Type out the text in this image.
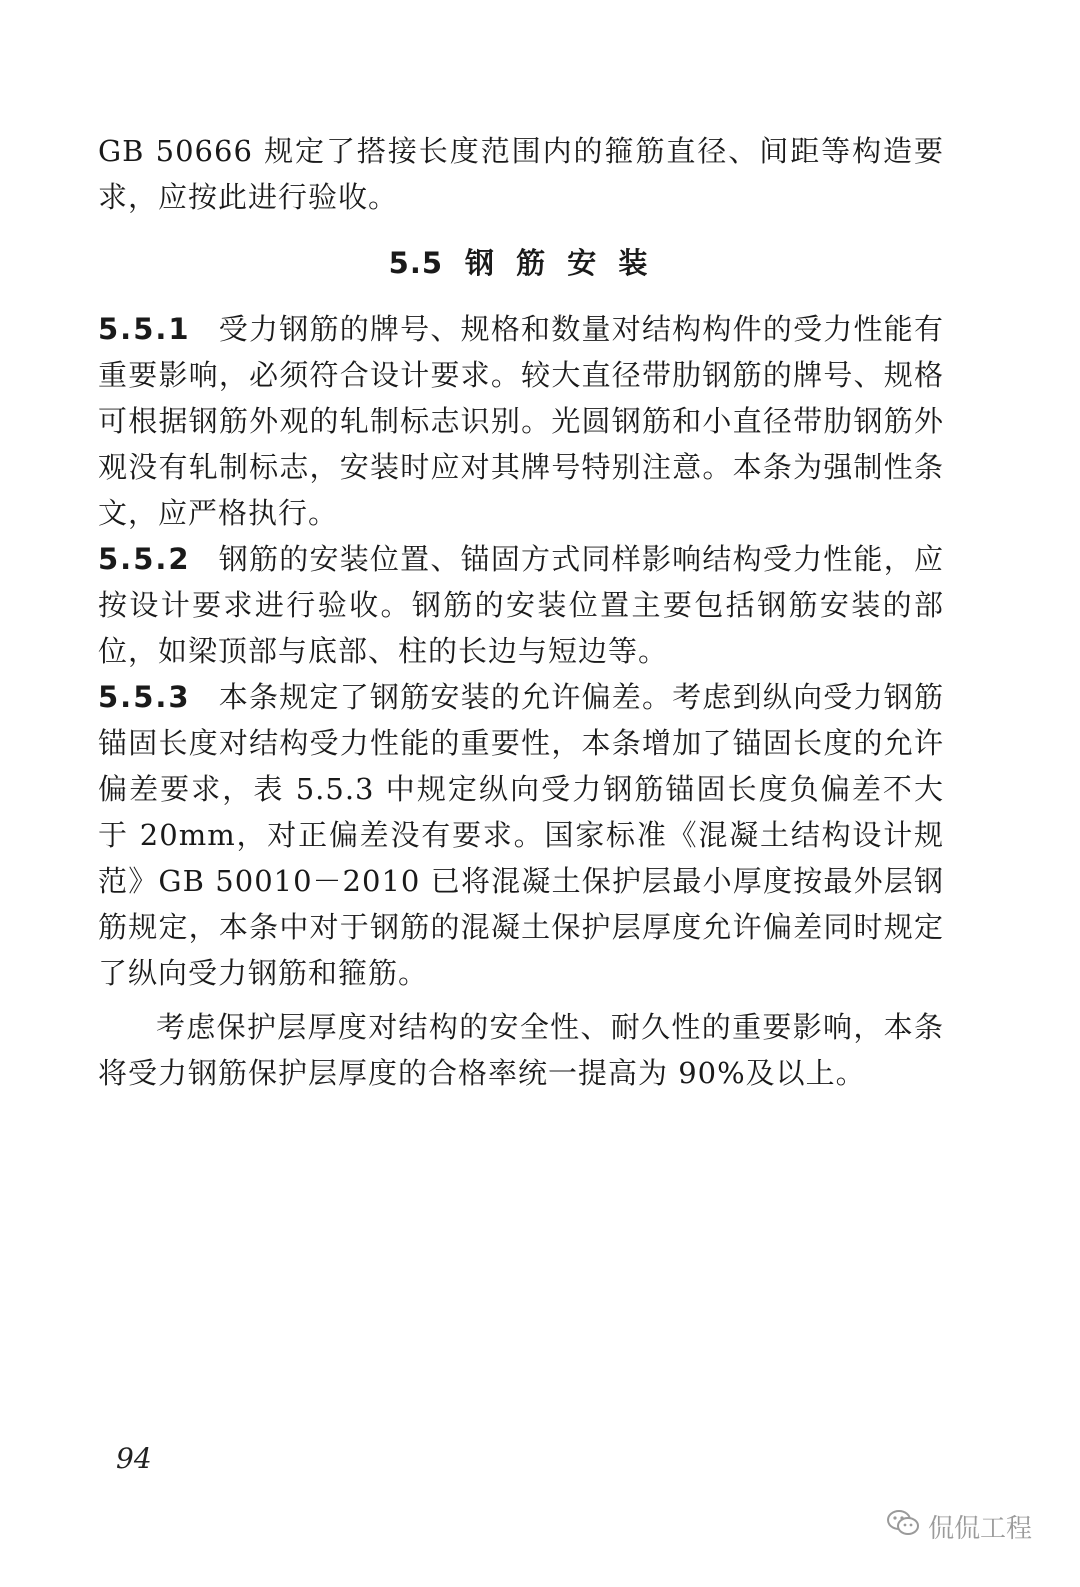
GB 50666 规定了搭接长度范围内的箍筋直径、间距等构造要求，应按此进行验收。

5.5 钢 筋 安 装

5.5.1 受力钢筋的牌号、规格和数量对结构构件的受力性能有重要影响，必须符合设计要求。较大直径带肋钢筋的牌号、规格可根据钢筋外观的轧制标志识别。光圆钢筋和小直径带肋钢筋外观没有轧制标志，安装时应对其牌号特别注意。本条为强制性条文，应严格执行。

5.5.2 钢筋的安装位置、锚固方式同样影响结构受力性能，应按设计要求进行验收。钢筋的安装位置主要包括钢筋安装的部位，如梁顶部与底部、柱的长边与短边等。

5.5.3 本条规定了钢筋安装的允许偏差。考虑到纵向受力钢筋锚固长度对结构受力性能的重要性，本条增加了锚固长度的允许偏差要求，表 5.5.3 中规定纵向受力钢筋锚固长度负偏差不大于 20mm，对正偏差没有要求。国家标准《混凝土结构设计规范》GB 50010－2010 已将混凝土保护层最小厚度按最外层钢筋规定，本条中对于钢筋的混凝土保护层厚度允许偏差同时规定了纵向受力钢筋和箍筋。

考虑保护层厚度对结构的安全性、耐久性的重要影响，本条将受力钢筋保护层厚度的合格率统一提高为 90%及以上。

94
侃侃工程
